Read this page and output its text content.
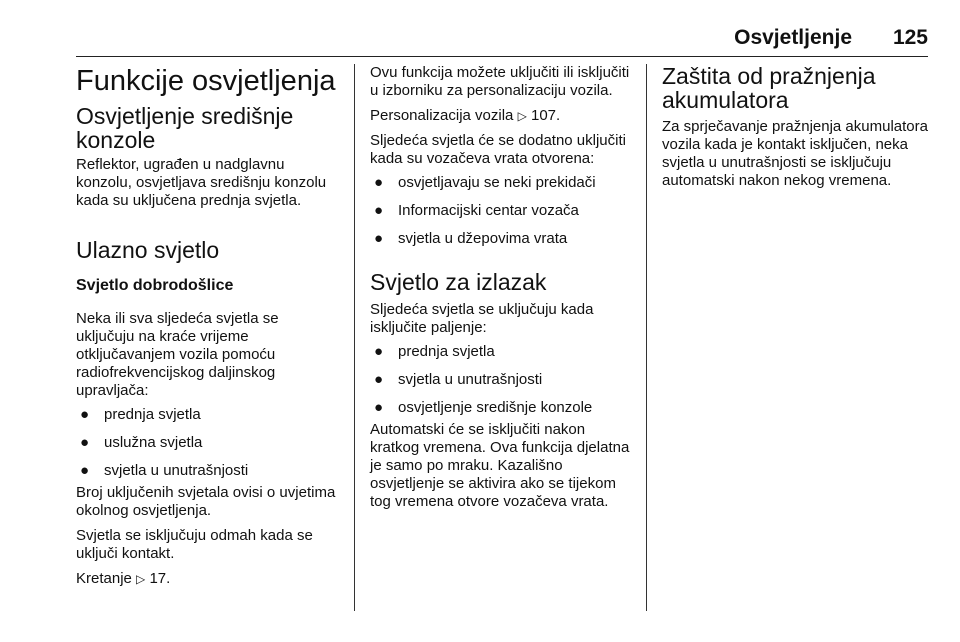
Osvjetljenje 125
Funkcije osvjetljenja
Osvjetljenje središnje konzole

Reflektor, ugrađen u nadglavnu konzolu, osvjetljava središnju konzolu kada su uključena prednja svjetla.

Ulazno svjetlo
Svjetlo dobrodošlice

Neka ili sva sljedeća svjetla se uključuju na kraće vrijeme otključavanjem vozila pomoću radiofrekvencijskog daljinskog upravljača:

● prednja svjetla
● uslužna svjetla
● svjetla u unutrašnjosti

Broj uključenih svjetala ovisi o uvjetima okolnog osvjetljenja.

Svjetla se isključuju odmah kada se uključi kontakt.

Kretanje ▷ 17.

Ovu funkcija možete uključiti ili isključiti u izborniku za personalizaciju vozila.

Personalizacija vozila ▷ 107.

Sljedeća svjetla će se dodatno uključiti kada su vozačeva vrata otvorena:

● osvjetljavaju se neki prekidači
● Informacijski centar vozača
● svjetla u džepovima vrata
Svjetlo za izlazak

Sljedeća svjetla se uključuju kada isključite paljenje:

● prednja svjetla
● svjetla u unutrašnjosti
● osvjetljenje središnje konzole

Automatski će se isključiti nakon kratkog vremena. Ova funkcija djelatna je samo po mraku. Kazališno osvjetljenje se aktivira ako se tijekom tog vremena otvore vozačeva vrata.

Zaštita od pražnjenja akumulatora

Za sprječavanje pražnjenja akumulatora vozila kada je kontakt isključen, neka svjetla u unutrašnjosti se isključuju automatski nakon nekog vremena.
